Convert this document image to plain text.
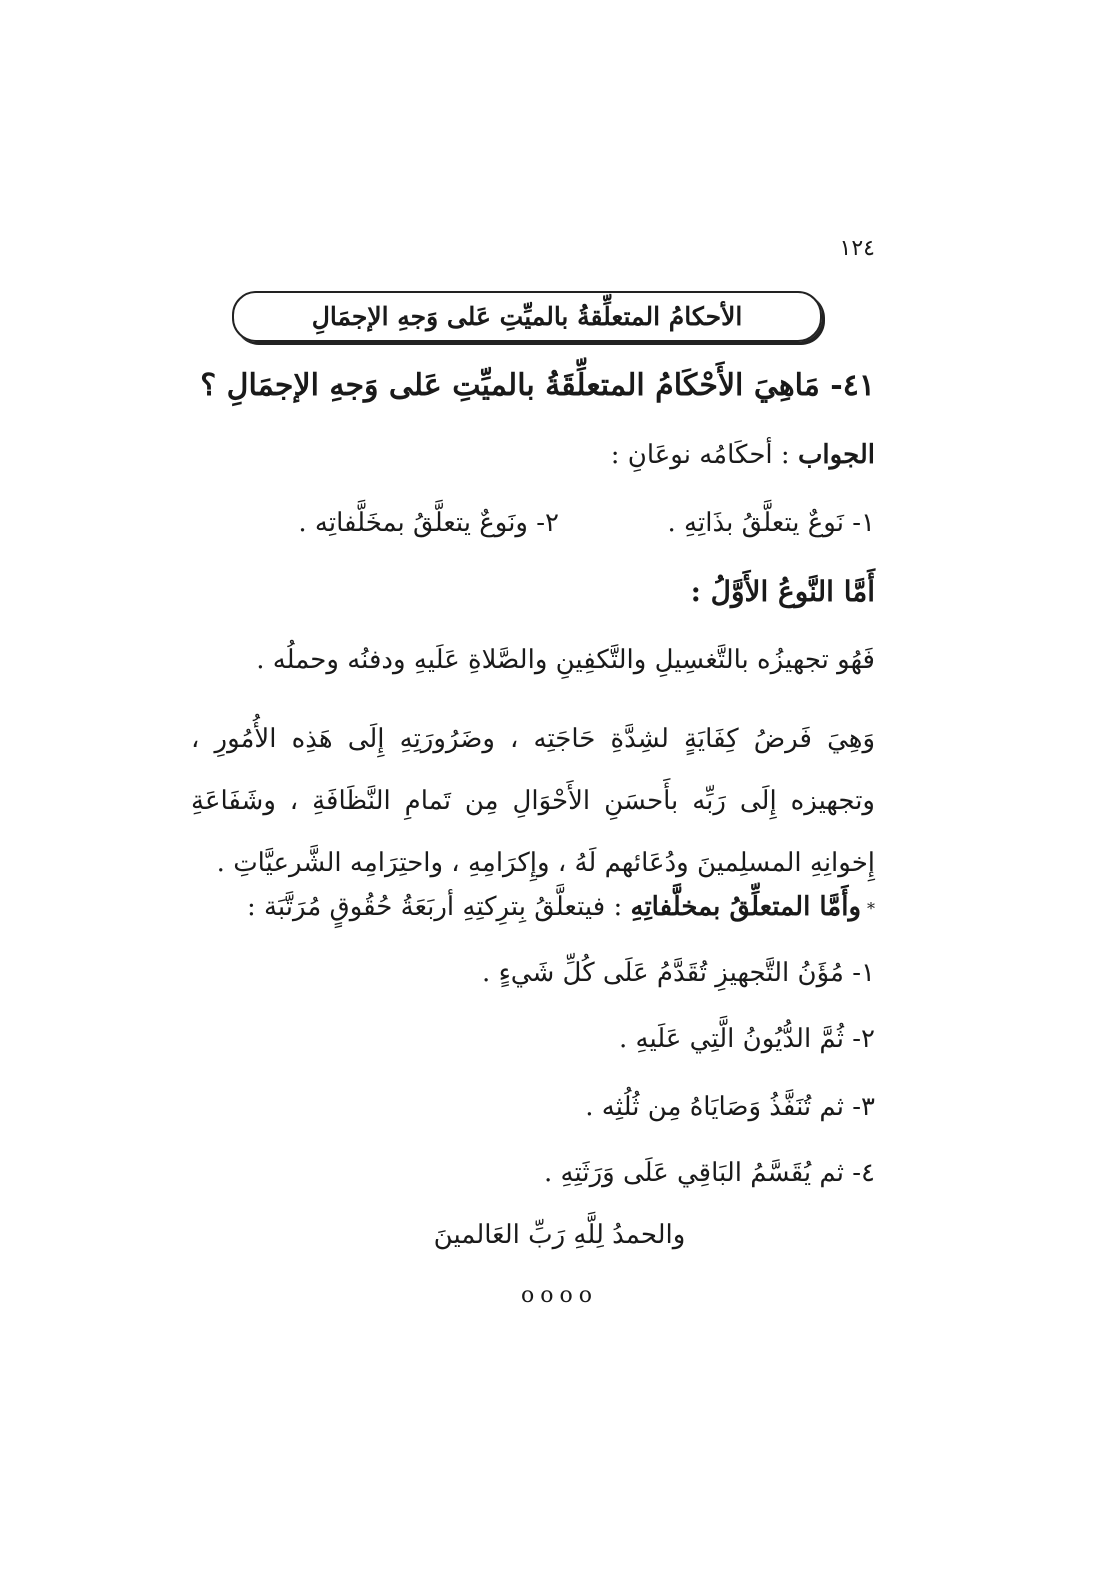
١٢٤

الأحكامُ المتعلِّقةُ بالميِّتِ عَلى وَجهِ الإجمَالِ

٤١- مَاهِيَ الأَحْكَامُ المتعلِّقَةُ بالميِّتِ عَلى وَجهِ الإجمَالِ ؟

الجواب : أحكَامُه نوعَانِ :

١- نَوعٌ يتعلَّقُ بذَاتِهِ .

٢- ونَوعٌ يتعلَّقُ بمخَلَّفاتِه .

أَمَّا النَّوعُ الأَوَّلُ :

فَهُو تجهيزُه بالتَّغسِيلِ والتَّكفِينِ والصَّلاةِ عَلَيهِ ودفنُه وحملُه .

وَهِيَ فَرضُ كِفَايَةٍ لشِدَّةِ حَاجَتِه ، وضَرُورَتِهِ إِلَى هَذِه الأُمُورِ ، وتجهيزه إِلَى رَبِّه بأَحسَنِ الأَحْوَالِ مِن تَمامِ النَّظَافَةِ ، وشَفَاعَةِ إِخوانِهِ المسلِمينَ ودُعَائهم لَهُ ، وإِكرَامِهِ ، واحتِرَامِه الشَّرعيَّاتِ .

*وأَمَّا المتعلِّقُ بمخلَّفاتِهِ : فيتعلَّقُ بِترِكتِهِ أربَعَةُ حُقُوقٍ مُرَتَّبَة :

١- مُؤَنُ التَّجهيزِ تُقَدَّمُ عَلَى كُلِّ شَيءٍ .

٢- ثُمَّ الدُّيُونُ الَّتِي عَلَيهِ .

٣- ثم تُنَفَّذُ وَصَايَاهُ مِن ثُلُثِه .

٤- ثم يُقَسَّمُ البَاقِي عَلَى وَرَثَتِهِ .

والحمدُ لِلَّهِ رَبِّ العَالمينَ

oooo
